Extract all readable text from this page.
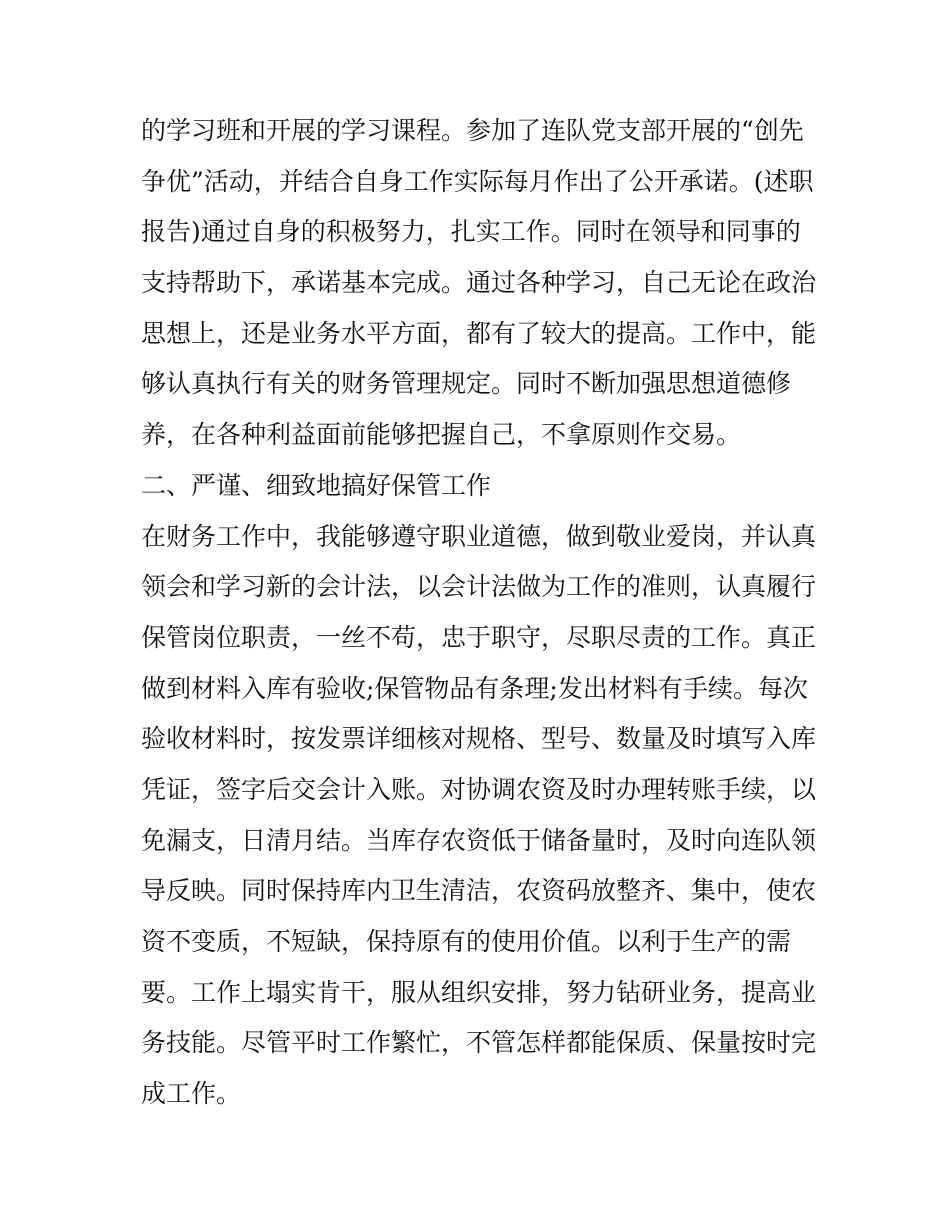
的学习班和开展的学习课程。参加了连队党支部开展的“创先
争优”活动，并结合自身工作实际每月作出了公开承诺。(述职
报告)通过自身的积极努力，扎实工作。同时在领导和同事的
支持帮助下，承诺基本完成。通过各种学习，自己无论在政治
思想上，还是业务水平方面，都有了较大的提高。工作中，能
够认真执行有关的财务管理规定。同时不断加强思想道德修
养，在各种利益面前能够把握自己，不拿原则作交易。
二、严谨、细致地搞好保管工作
在财务工作中，我能够遵守职业道德，做到敬业爱岗，并认真
领会和学习新的会计法，以会计法做为工作的准则，认真履行
保管岗位职责，一丝不苟，忠于职守，尽职尽责的工作。真正
做到材料入库有验收;保管物品有条理;发出材料有手续。每次
验收材料时，按发票详细核对规格、型号、数量及时填写入库
凭证，签字后交会计入账。对协调农资及时办理转账手续，以
免漏支，日清月结。当库存农资低于储备量时，及时向连队领
导反映。同时保持库内卫生清洁，农资码放整齐、集中，使农
资不变质，不短缺，保持原有的使用价值。以利于生产的需
要。工作上塌实肯干，服从组织安排，努力钻研业务，提高业
务技能。尽管平时工作繁忙，不管怎样都能保质、保量按时完
成工作。
